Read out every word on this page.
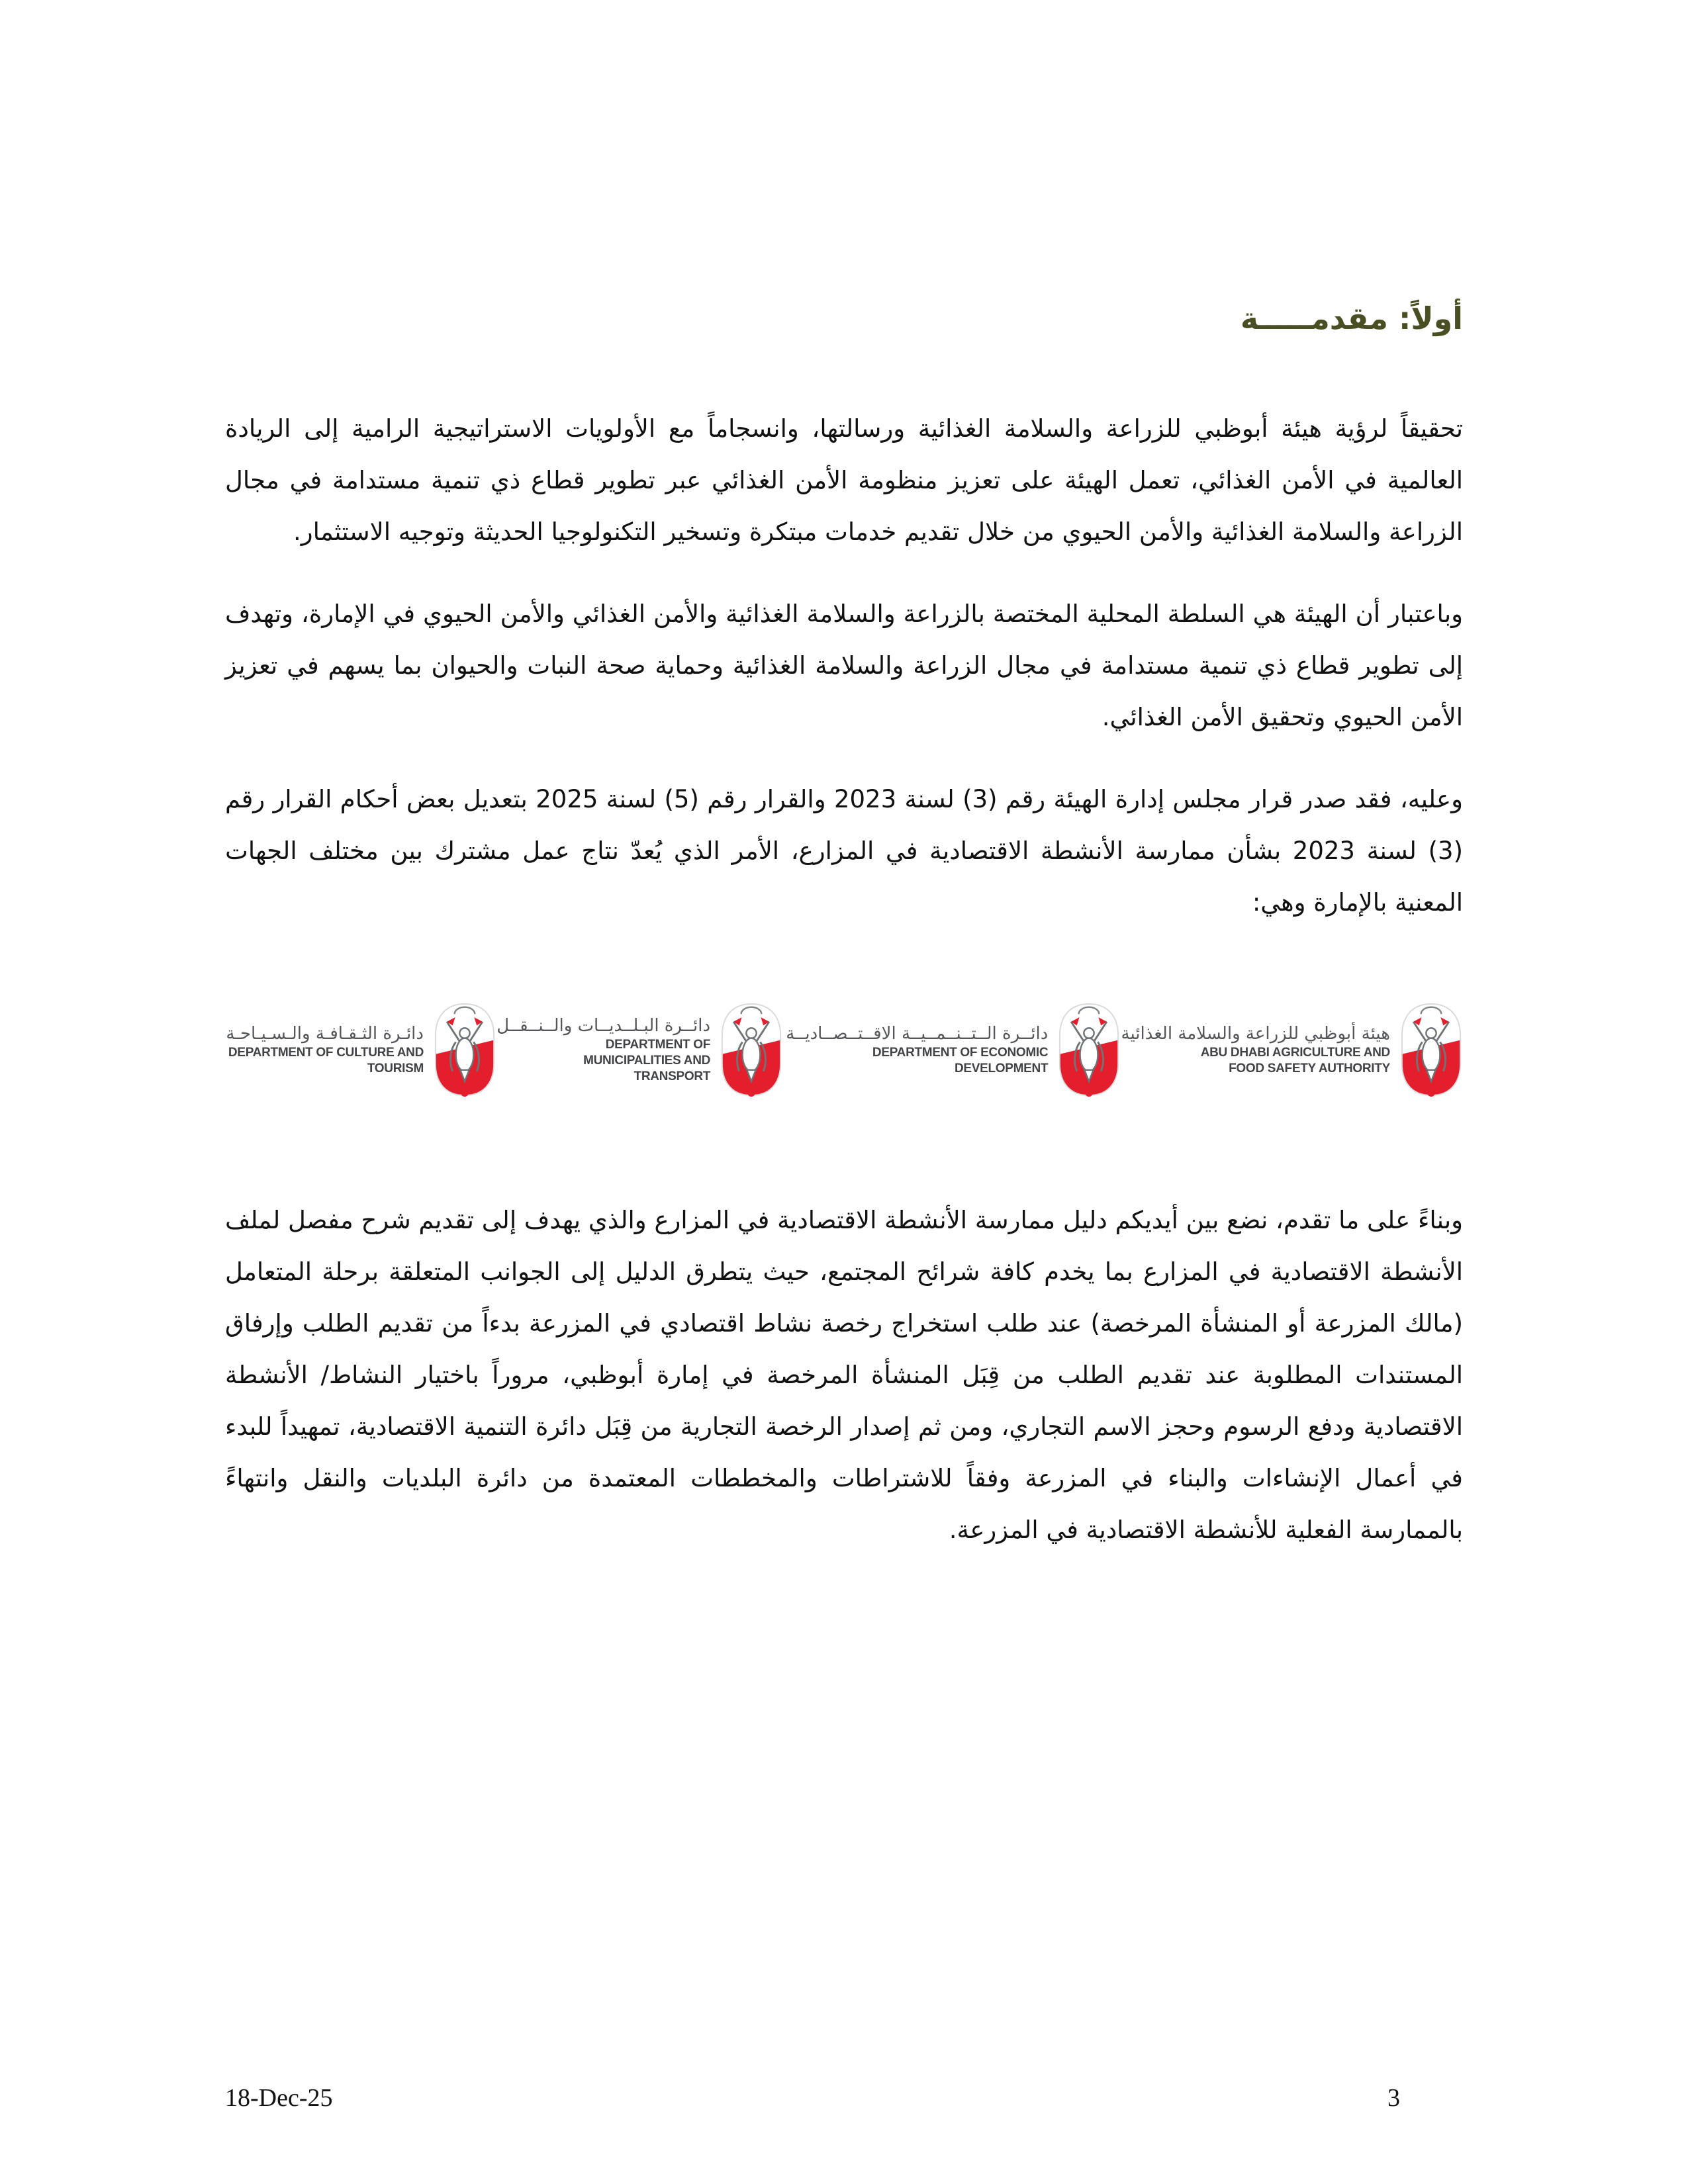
أولاً: مقدمـــــة

تحقيقاً لرؤية هيئة أبوظبي للزراعة والسلامة الغذائية ورسالتها، وانسجاماً مع الأولويات الاستراتيجية الرامية إلى الريادة العالمية في الأمن الغذائي، تعمل الهيئة على تعزيز منظومة الأمن الغذائي عبر تطوير قطاع ذي تنمية مستدامة في مجال الزراعة والسلامة الغذائية والأمن الحيوي من خلال تقديم خدمات مبتكرة وتسخير التكنولوجيا الحديثة وتوجيه الاستثمار.

وباعتبار أن الهيئة هي السلطة المحلية المختصة بالزراعة والسلامة الغذائية والأمن الغذائي والأمن الحيوي في الإمارة، وتهدف إلى تطوير قطاع ذي تنمية مستدامة في مجال الزراعة والسلامة الغذائية وحماية صحة النبات والحيوان بما يسهم في تعزيز الأمن الحيوي وتحقيق الأمن الغذائي.

وعليه، فقد صدر قرار مجلس إدارة الهيئة رقم (3) لسنة 2023 والقرار رقم (5) لسنة 2025 بتعديل بعض أحكام القرار رقم (3) لسنة 2023 بشأن ممارسة الأنشطة الاقتصادية في المزارع، الأمر الذي يُعدّ نتاج عمل مشترك بين مختلف الجهات المعنية بالإمارة وهي:

دائـرة الثـقـافـة والـسـيـاحـة
DEPARTMENT OF CULTURE AND TOURISM
دائــرة البـلــديــات والــنــقــل
DEPARTMENT OF MUNICIPALITIES AND TRANSPORT
دائــرة الــتــنــمــيــة الاقــتــصــاديــة
DEPARTMENT OF ECONOMIC DEVELOPMENT
هيئة أبوظبي للزراعة والسلامة الغذائية
ABU DHABI AGRICULTURE AND FOOD SAFETY AUTHORITY

وبناءً على ما تقدم، نضع بين أيديكم دليل ممارسة الأنشطة الاقتصادية في المزارع والذي يهدف إلى تقديم شرح مفصل لملف الأنشطة الاقتصادية في المزارع بما يخدم كافة شرائح المجتمع، حيث يتطرق الدليل إلى الجوانب المتعلقة برحلة المتعامل (مالك المزرعة أو المنشأة المرخصة) عند طلب استخراج رخصة نشاط اقتصادي في المزرعة بدءاً من تقديم الطلب وإرفاق المستندات المطلوبة عند تقديم الطلب من قِبَل المنشأة المرخصة في إمارة أبوظبي، مروراً باختيار النشاط/ الأنشطة الاقتصادية ودفع الرسوم وحجز الاسم التجاري، ومن ثم إصدار الرخصة التجارية من قِبَل دائرة التنمية الاقتصادية، تمهيداً للبدء في أعمال الإنشاءات والبناء في المزرعة وفقاً للاشتراطات والمخططات المعتمدة من دائرة البلديات والنقل وانتهاءً بالممارسة الفعلية للأنشطة الاقتصادية في المزرعة.

18-Dec-25	3
